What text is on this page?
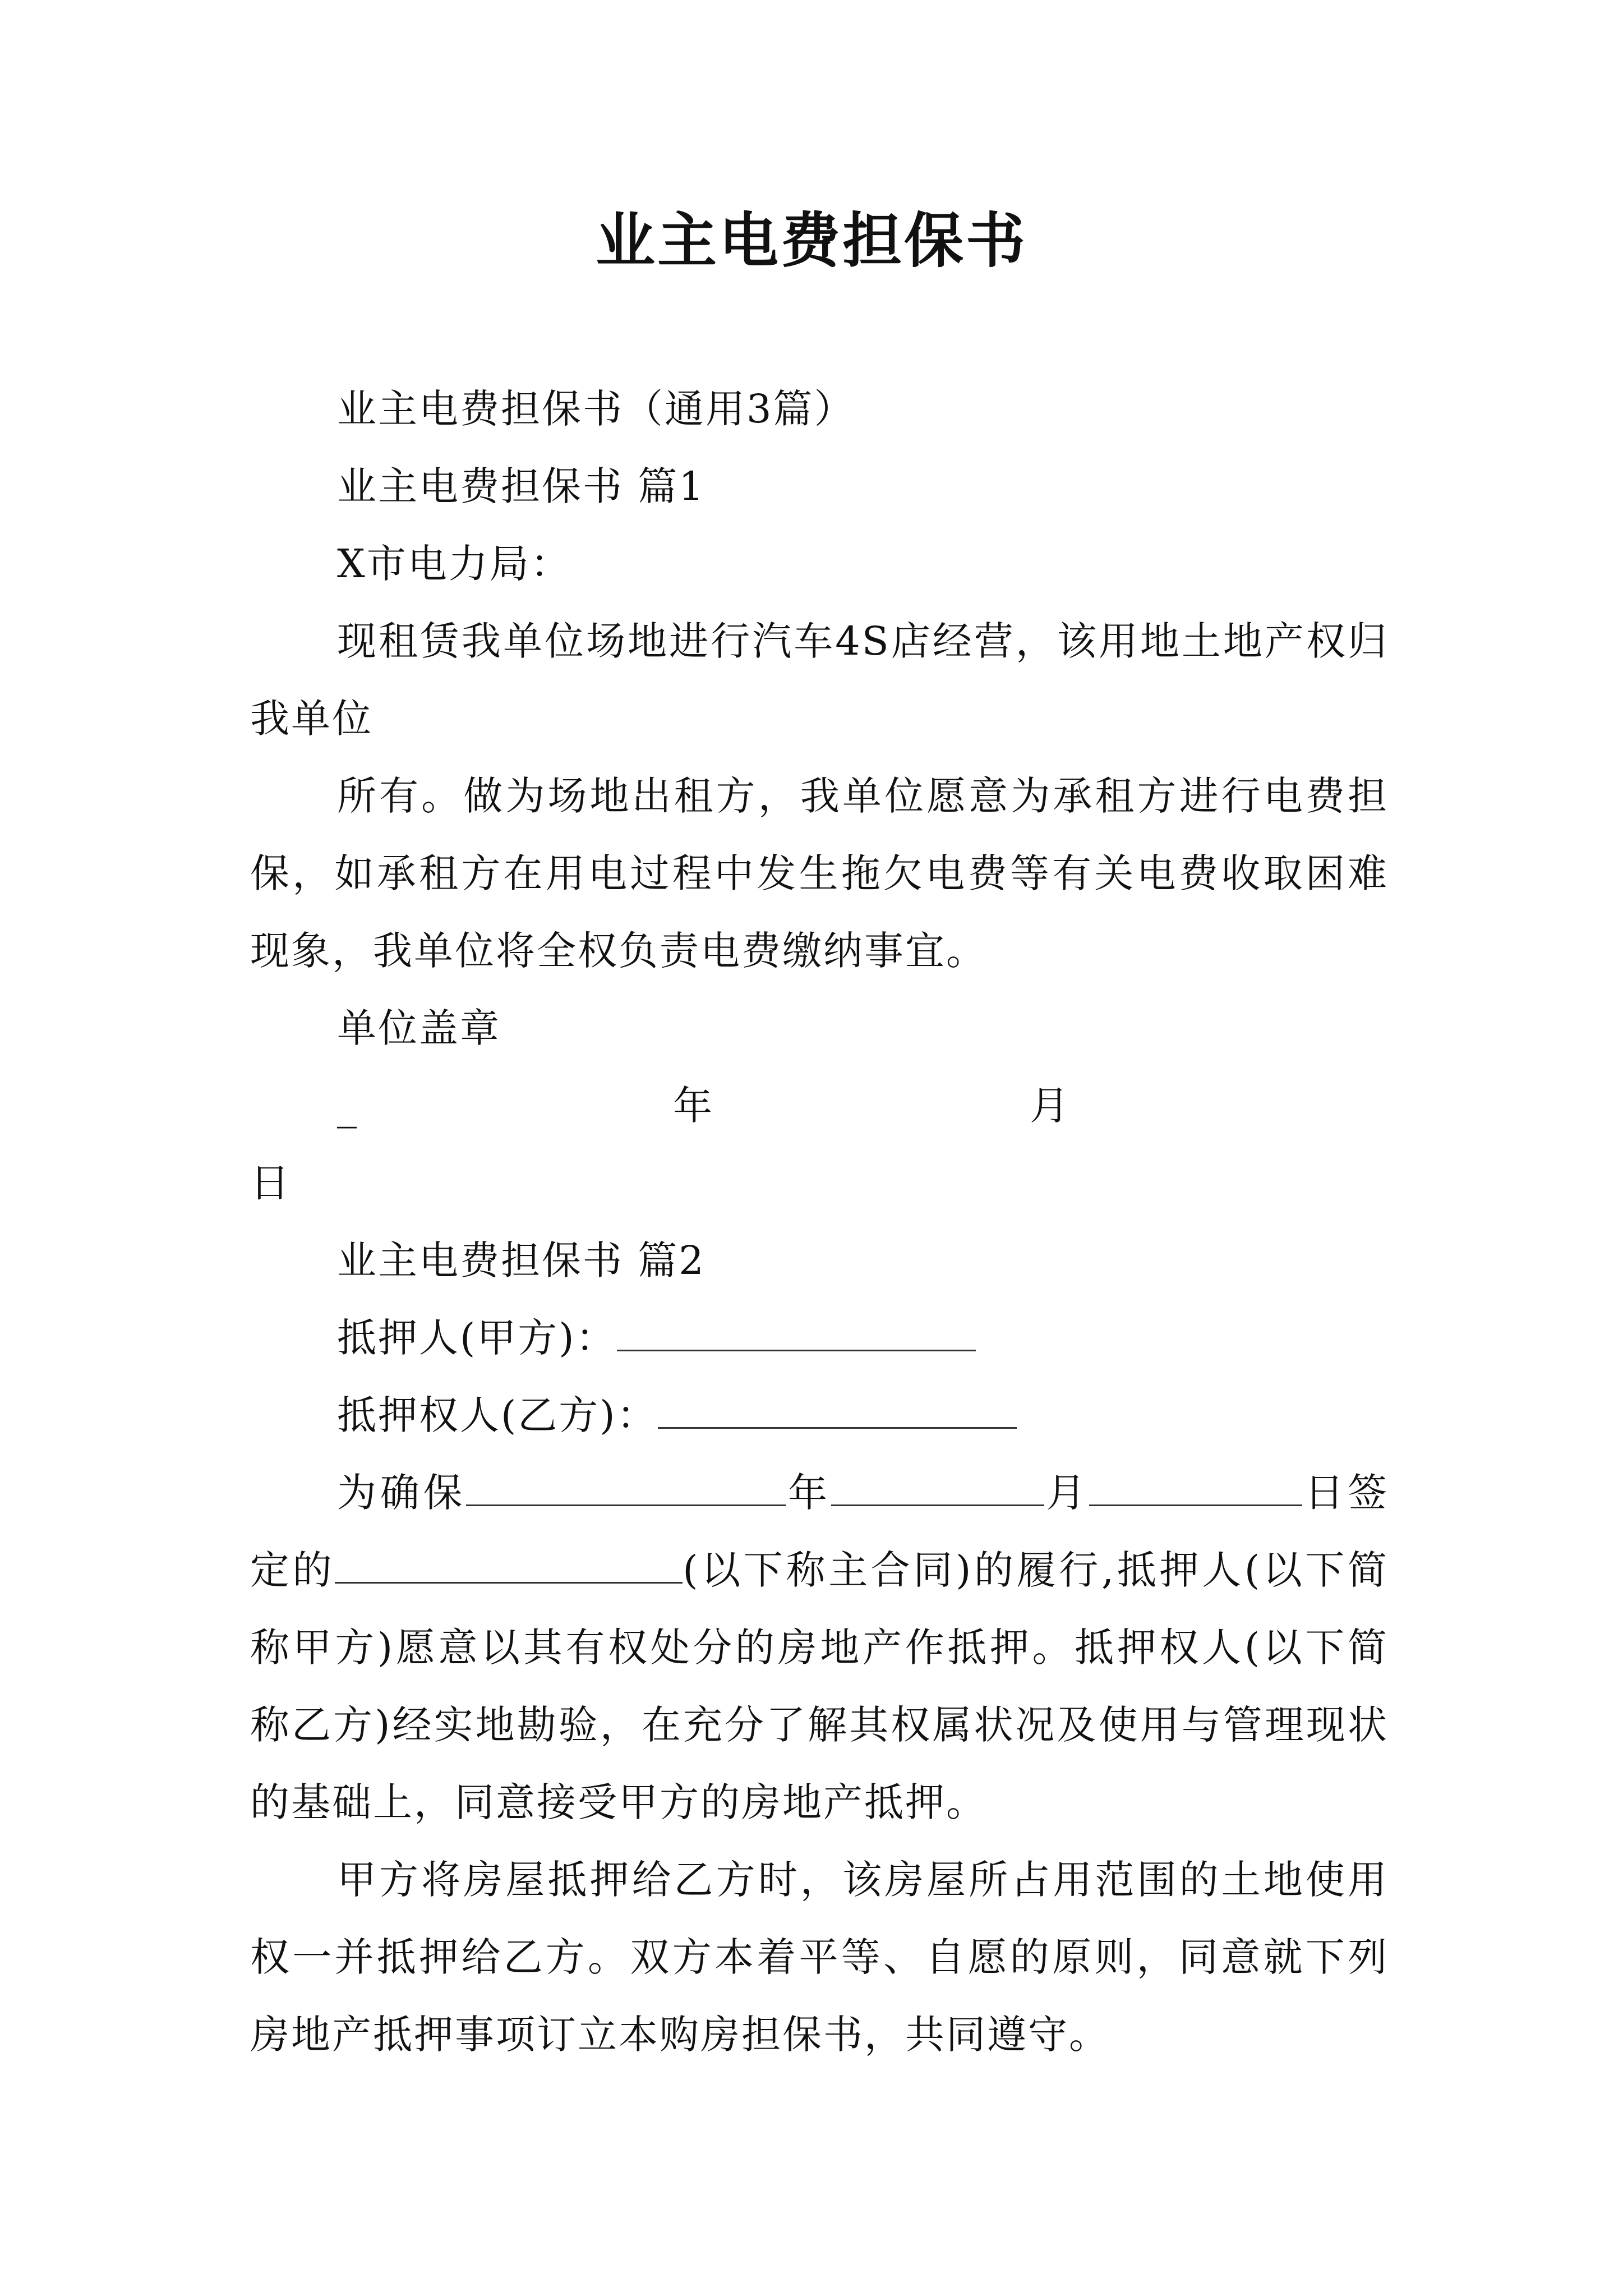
业主电费担保书

业主电费担保书（通用3篇）

业主电费担保书 篇1

X市电力局：

现租赁我单位场地进行汽车4S店经营，该用地土地产权归我单位

所有。做为场地出租方，我单位愿意为承租方进行电费担保，如承租方在用电过程中发生拖欠电费等有关电费收取困难现象，我单位将全权负责电费缴纳事宜。

单位盖章

_	年	月

日

业主电费担保书 篇2

抵押人(甲方)：

抵押权人(乙方)：

为确保	年	月	日签定的	(以下称主合同)的履行,抵押人(以下简称甲方)愿意以其有权处分的房地产作抵押。抵押权人(以下简称乙方)经实地勘验，在充分了解其权属状况及使用与管理现状的基础上，同意接受甲方的房地产抵押。

甲方将房屋抵押给乙方时，该房屋所占用范围的土地使用权一并抵押给乙方。双方本着平等、自愿的原则，同意就下列房地产抵押事项订立本购房担保书，共同遵守。
